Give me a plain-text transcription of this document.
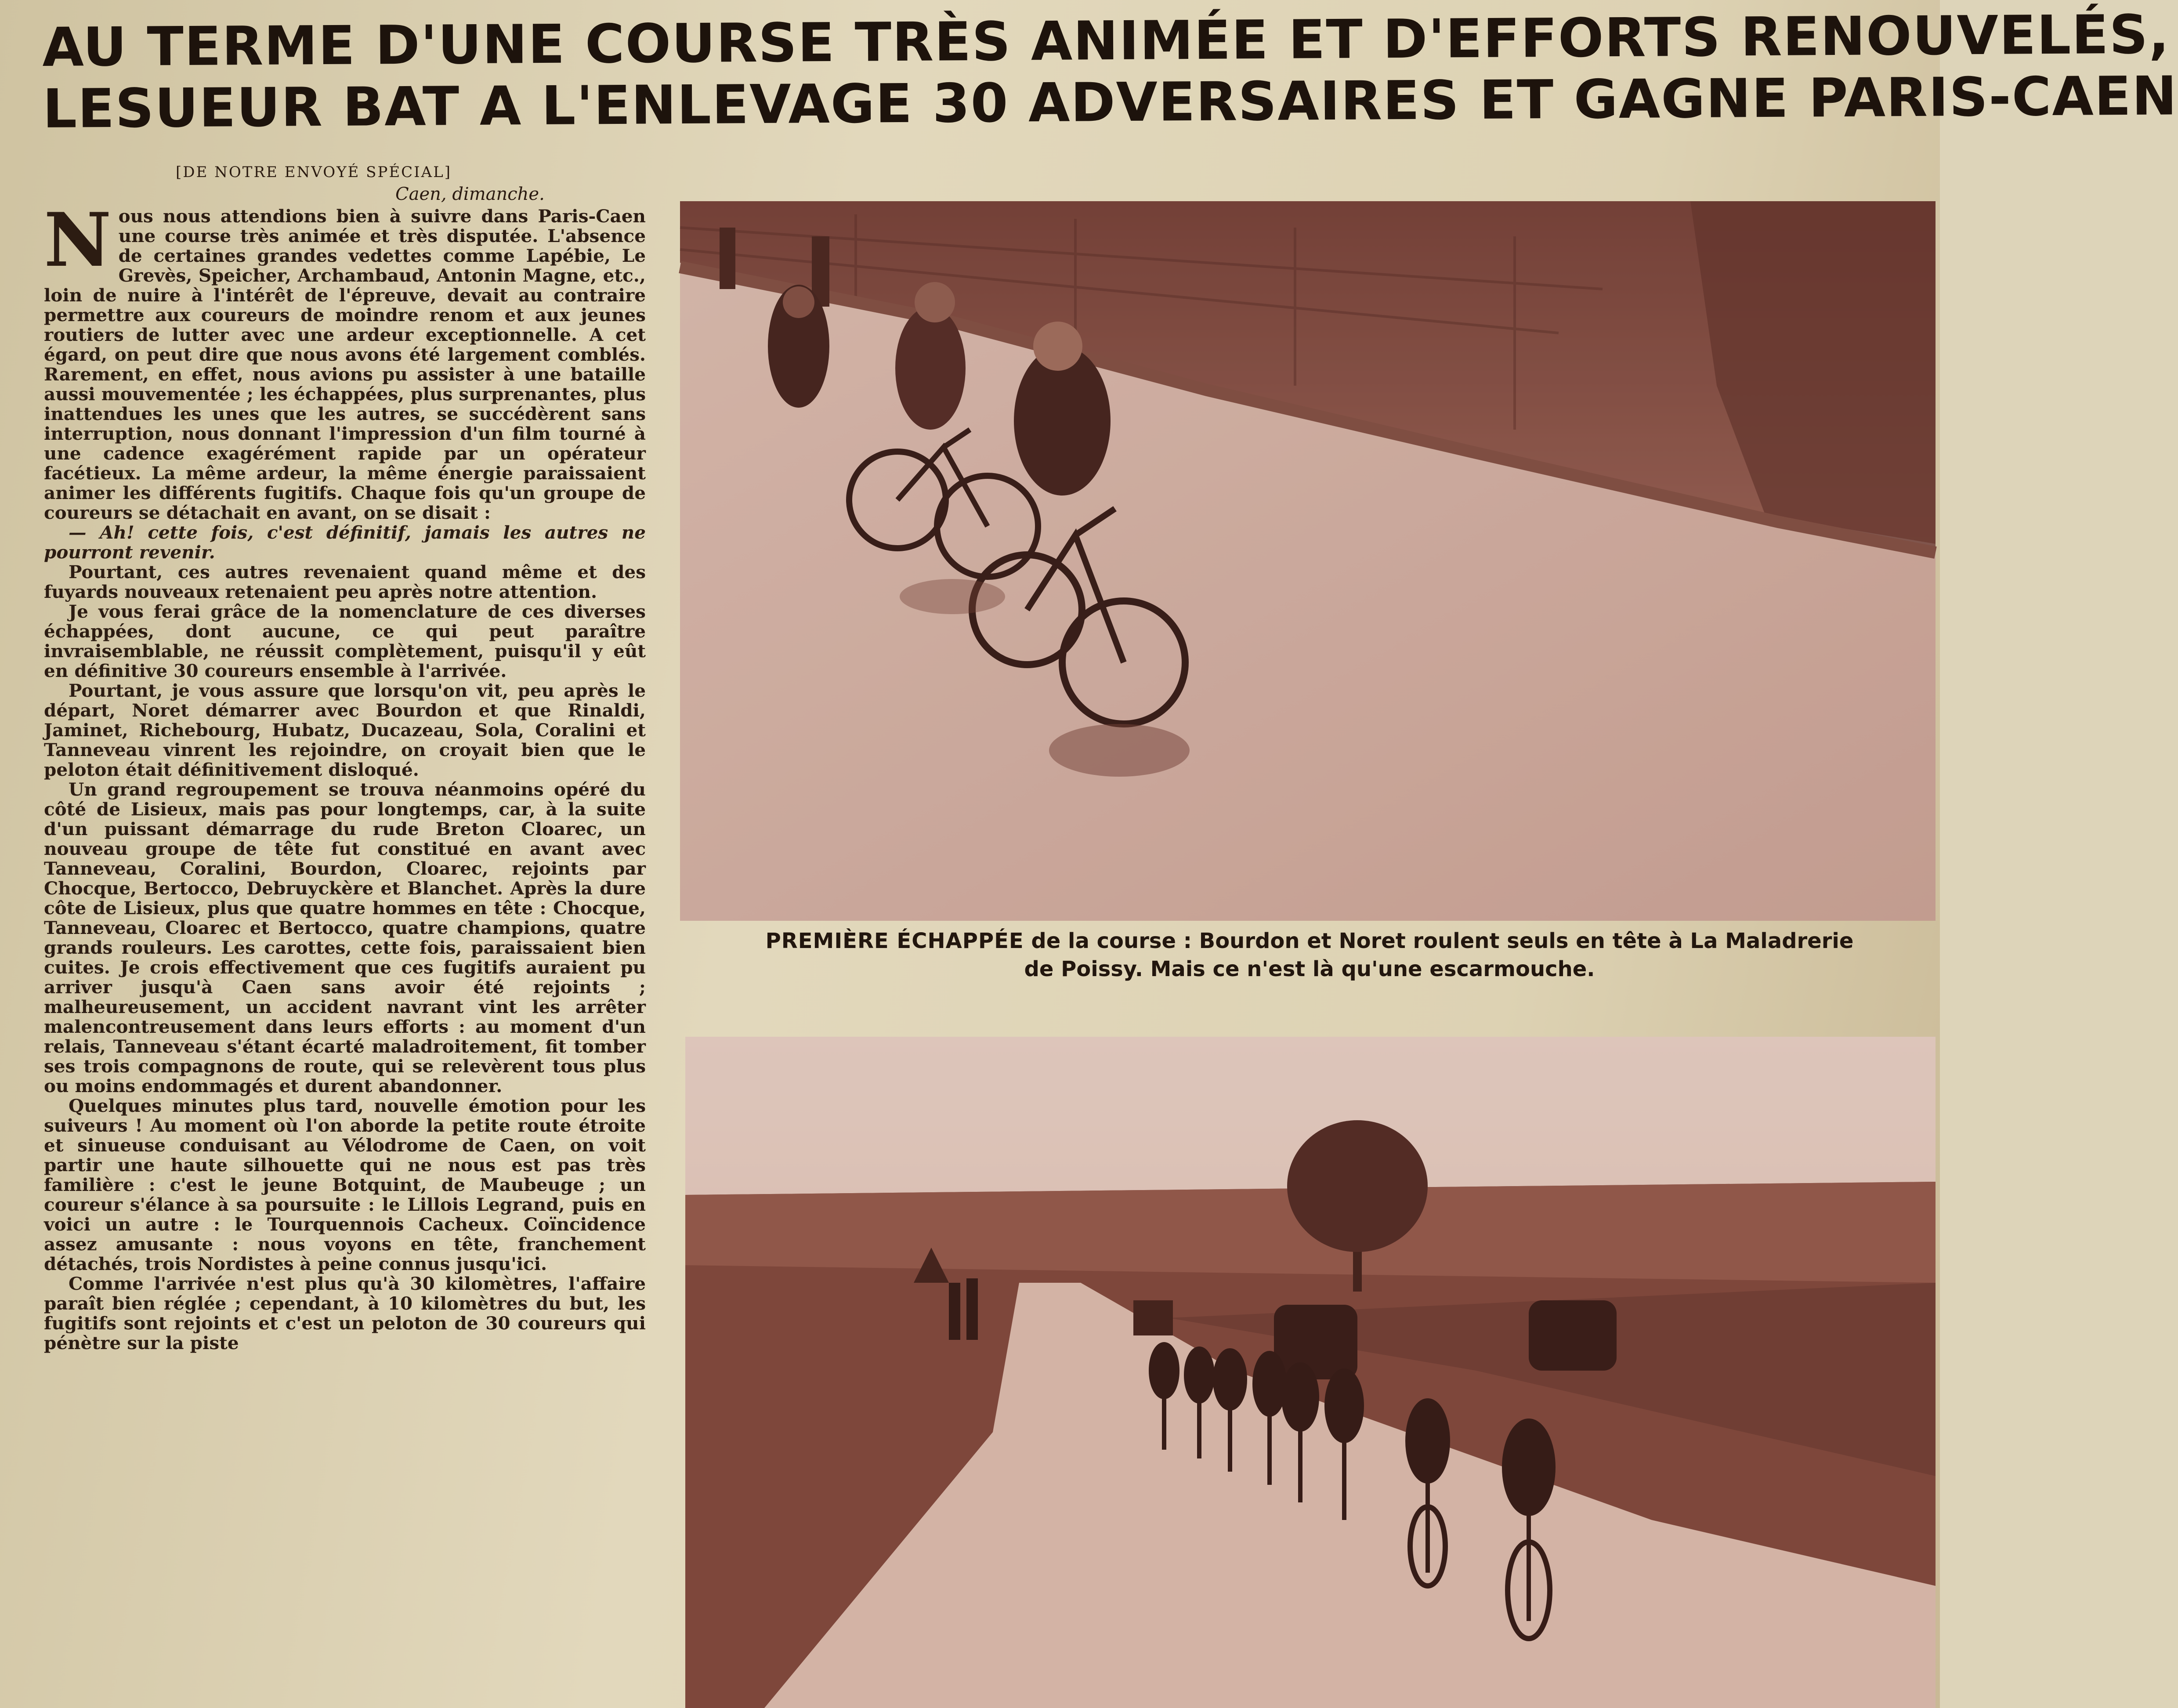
AU TERME D'UNE COURSE TRÈS ANIMÉE ET D'EFFORTS RENOUVELÉS,
LESUEUR BAT A L'ENLEVAGE 30 ADVERSAIRES ET GAGNE PARIS-CAEN
[DE NOTRE ENVOYÉ SPÉCIAL]
Caen, dimanche.

Nous nous attendions bien à suivre dans Paris-Caen une course très animée et très disputée. L'absence de certaines grandes vedettes comme Lapébie, Le Grevès, Speicher, Archambaud, Antonin Magne, etc., loin de nuire à l'intérêt de l'épreuve, devait au contraire permettre aux coureurs de moindre renom et aux jeunes routiers de lutter avec une ardeur exceptionnelle. A cet égard, on peut dire que nous avons été largement comblés. Rarement, en effet, nous avions pu assister à une bataille aussi mouvementée ; les échappées, plus surprenantes, plus inattendues les unes que les autres, se succédèrent sans interruption, nous donnant l'impression d'un film tourné à une cadence exagérément rapide par un opérateur facétieux. La même ardeur, la même énergie paraissaient animer les différents fugitifs. Chaque fois qu'un groupe de coureurs se détachait en avant, on se disait :

— Ah! cette fois, c'est définitif, jamais les autres ne pourront revenir.

Pourtant, ces autres revenaient quand même et des fuyards nouveaux retenaient peu après notre attention.

Je vous ferai grâce de la nomenclature de ces diverses échappées, dont aucune, ce qui peut paraître invraisemblable, ne réussit complètement, puisqu'il y eût en définitive 30 coureurs ensemble à l'arrivée.

Pourtant, je vous assure que lorsqu'on vit, peu après le départ, Noret démarrer avec Bourdon et que Rinaldi, Jaminet, Richebourg, Hubatz, Ducazeau, Sola, Coralini et Tanneveau vinrent les rejoindre, on croyait bien que le peloton était définitivement disloqué.

Un grand regroupement se trouva néanmoins opéré du côté de Lisieux, mais pas pour longtemps, car, à la suite d'un puissant démarrage du rude Breton Cloarec, un nouveau groupe de tête fut constitué en avant avec Tanneveau, Coralini, Bourdon, Cloarec, rejoints par Chocque, Bertocco, Debruyckère et Blanchet. Après la dure côte de Lisieux, plus que quatre hommes en tête : Chocque, Tanneveau, Cloarec et Bertocco, quatre champions, quatre grands rouleurs. Les carottes, cette fois, paraissaient bien cuites. Je crois effectivement que ces fugitifs auraient pu arriver jusqu'à Caen sans avoir été rejoints ; malheureusement, un accident navrant vint les arrêter malencontreusement dans leurs efforts : au moment d'un relais, Tanneveau s'étant écarté maladroitement, fit tomber ses trois compagnons de route, qui se relevèrent tous plus ou moins endommagés et durent abandonner.

Quelques minutes plus tard, nouvelle émotion pour les suiveurs ! Au moment où l'on aborde la petite route étroite et sinueuse conduisant au Vélodrome de Caen, on voit partir une haute silhouette qui ne nous est pas très familière : c'est le jeune Botquint, de Maubeuge ; un coureur s'élance à sa poursuite : le Lillois Legrand, puis en voici un autre : le Tourquennois Cacheux. Coïncidence assez amusante : nous voyons en tête, franchement détachés, trois Nordistes à peine connus jusqu'ici.

Comme l'arrivée n'est plus qu'à 30 kilomètres, l'affaire paraît bien réglée ; cependant, à 10 kilomètres du but, les fugitifs sont rejoints et c'est un peloton de 30 coureurs qui pénètre sur la piste

PREMIÈRE ÉCHAPPÉE de la course : Bourdon et Noret roulent seuls en tête à La Maladrerie
de Poissy. Mais ce n'est là qu'une escarmouche.
